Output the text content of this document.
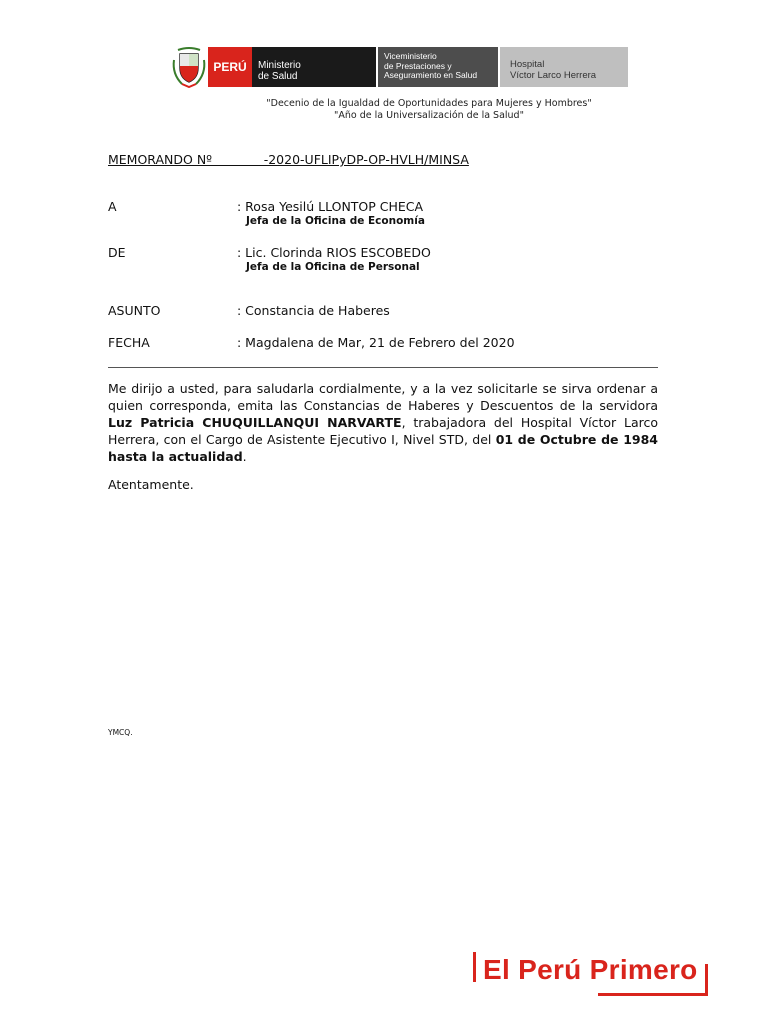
PERÚ Ministerio
de Salud
Viceministerio
de Prestaciones y
Aseguramiento en Salud
Hospital
Víctor Larco Herrera
"Decenio de la Igualdad de Oportunidades para Mujeres y Hombres"
"Año de la Universalización de la Salud"
MEMORANDO Nº             -2020-UFLIPyDP-OP-HVLH/MINSA
A	: Rosa Yesilú LLONTOP CHECA
Jefa de la Oficina de Economía
DE	: Lic. Clorinda RIOS ESCOBEDO
Jefa de la Oficina de Personal
ASUNTO	: Constancia de Haberes
FECHA	: Magdalena de Mar, 21 de Febrero del 2020
Me dirijo a usted, para saludarla cordialmente, y a la vez solicitarle se sirva ordenar a quien corresponda, emita las Constancias de Haberes y Descuentos de la servidora Luz Patricia CHUQUILLANQUI NARVARTE, trabajadora del Hospital Víctor Larco Herrera, con el Cargo de Asistente Ejecutivo I, Nivel STD, del 01 de Octubre de 1984 hasta la actualidad.
Atentamente.
YMCQ.
El Perú Primero
